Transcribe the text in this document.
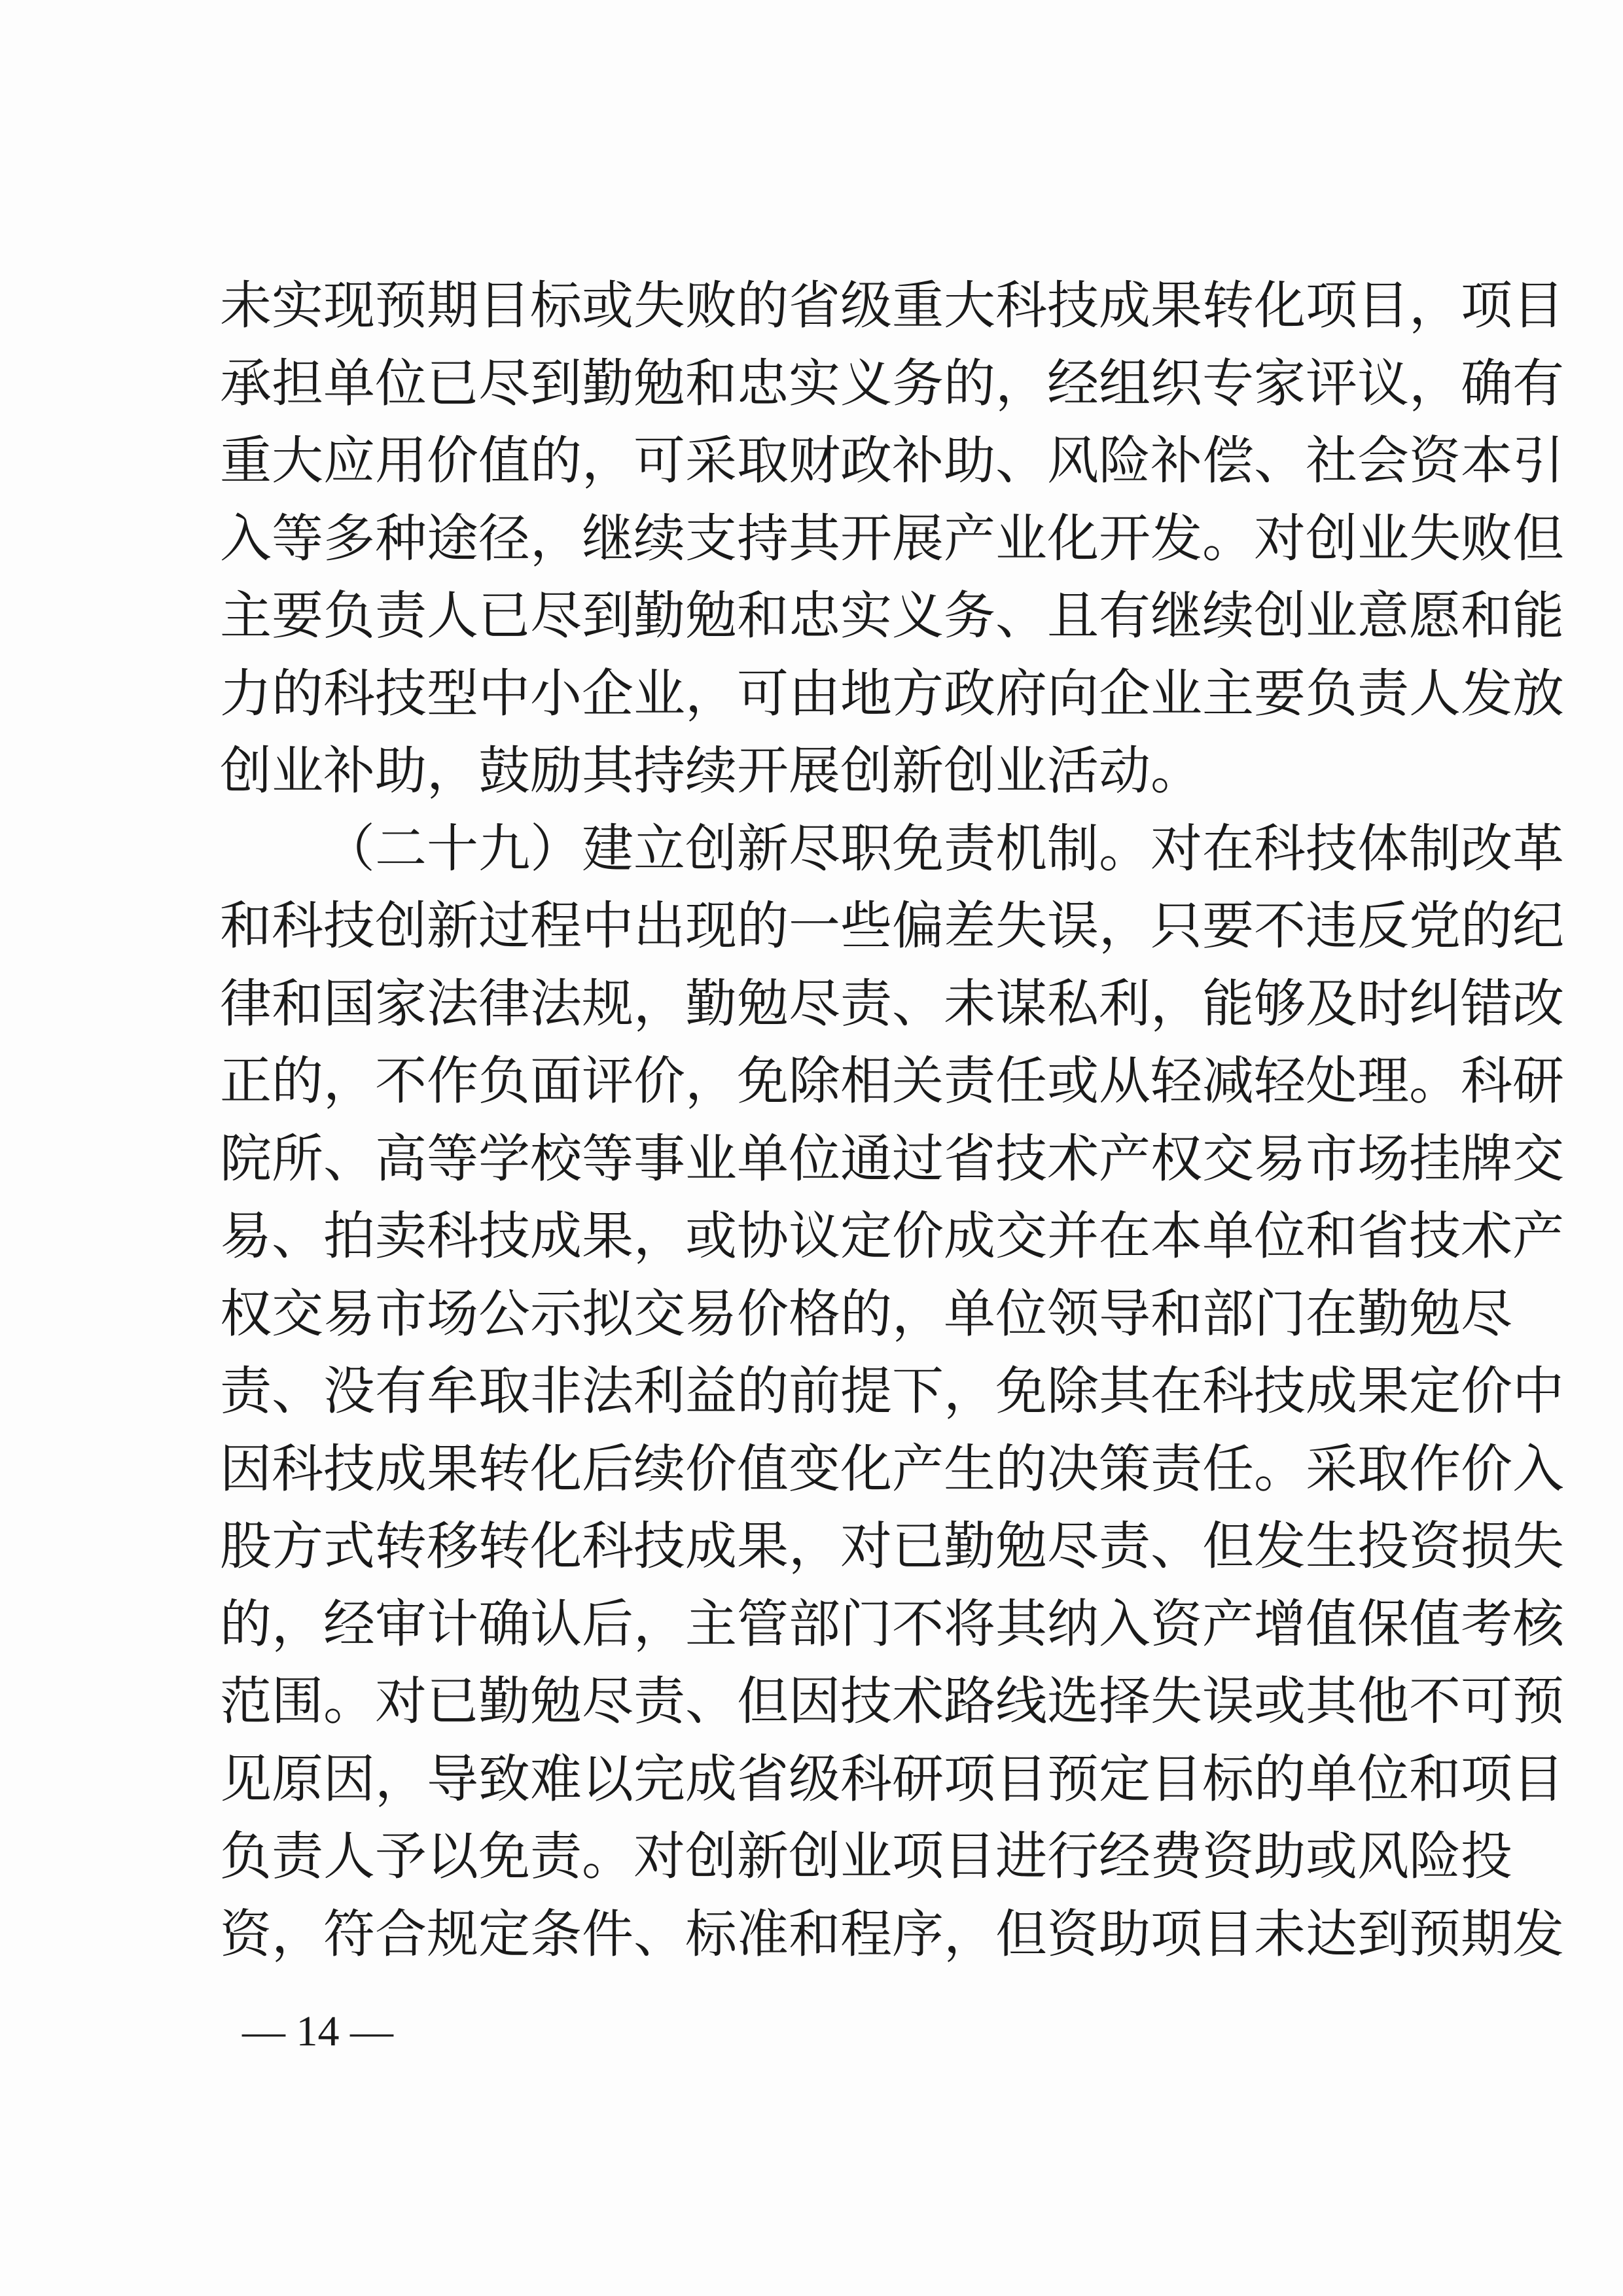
未实现预期目标或失败的省级重大科技成果转化项目，项目
承担单位已尽到勤勉和忠实义务的，经组织专家评议，确有
重大应用价值的，可采取财政补助、风险补偿、社会资本引
入等多种途径，继续支持其开展产业化开发。对创业失败但
主要负责人已尽到勤勉和忠实义务、且有继续创业意愿和能
力的科技型中小企业，可由地方政府向企业主要负责人发放
创业补助，鼓励其持续开展创新创业活动。
（二十九）建立创新尽职免责机制。对在科技体制改革
和科技创新过程中出现的一些偏差失误，只要不违反党的纪
律和国家法律法规，勤勉尽责、未谋私利，能够及时纠错改
正的，不作负面评价，免除相关责任或从轻减轻处理。科研
院所、高等学校等事业单位通过省技术产权交易市场挂牌交
易、拍卖科技成果，或协议定价成交并在本单位和省技术产
权交易市场公示拟交易价格的，单位领导和部门在勤勉尽
责、没有牟取非法利益的前提下，免除其在科技成果定价中
因科技成果转化后续价值变化产生的决策责任。采取作价入
股方式转移转化科技成果，对已勤勉尽责、但发生投资损失
的，经审计确认后，主管部门不将其纳入资产增值保值考核
范围。对已勤勉尽责、但因技术路线选择失误或其他不可预
见原因，导致难以完成省级科研项目预定目标的单位和项目
负责人予以免责。对创新创业项目进行经费资助或风险投
资，符合规定条件、标准和程序，但资助项目未达到预期发
— 14 —
